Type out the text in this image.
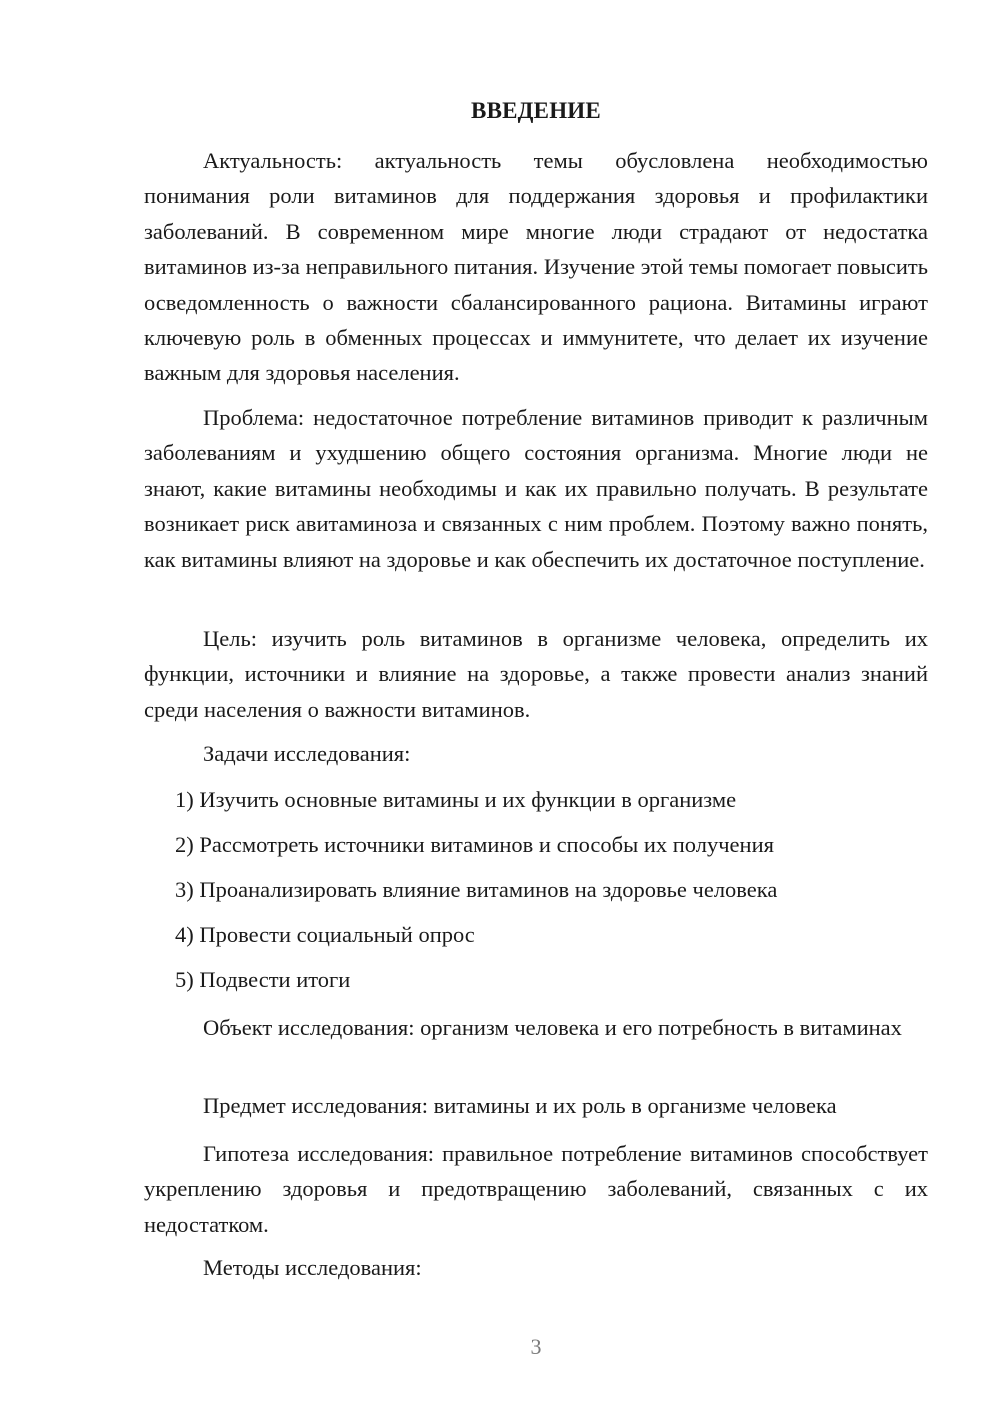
ВВЕДЕНИЕ

Актуальность: актуальность темы обусловлена необходимостью понимания роли витаминов для поддержания здоровья и профилактики заболеваний. В современном мире многие люди страдают от недостатка витаминов из-за неправильного питания. Изучение этой темы помогает повысить осведомленность о важности сбалансированного рациона. Витамины играют ключевую роль в обменных процессах и иммунитете, что делает их изучение важным для здоровья населения.

Проблема: недостаточное потребление витаминов приводит к различным заболеваниям и ухудшению общего состояния организма. Многие люди не знают, какие витамины необходимы и как их правильно получать. В результате возникает риск авитаминоза и связанных с ним проблем. Поэтому важно понять, как витамины влияют на здоровье и как обеспечить их достаточное поступление.

Цель: изучить роль витаминов в организме человека, определить их функции, источники и влияние на здоровье, а также провести анализ знаний среди населения о важности витаминов.

Задачи исследования:

1) Изучить основные витамины и их функции в организме

2) Рассмотреть источники витаминов и способы их получения

3) Проанализировать влияние витаминов на здоровье человека

4) Провести социальный опрос

5) Подвести итоги

Объект исследования: организм человека и его потребность в витаминах

Предмет исследования: витамины и их роль в организме человека

Гипотеза исследования: правильное потребление витаминов способствует укреплению здоровья и предотвращению заболеваний, связанных с их недостатком.

Методы исследования:

3
